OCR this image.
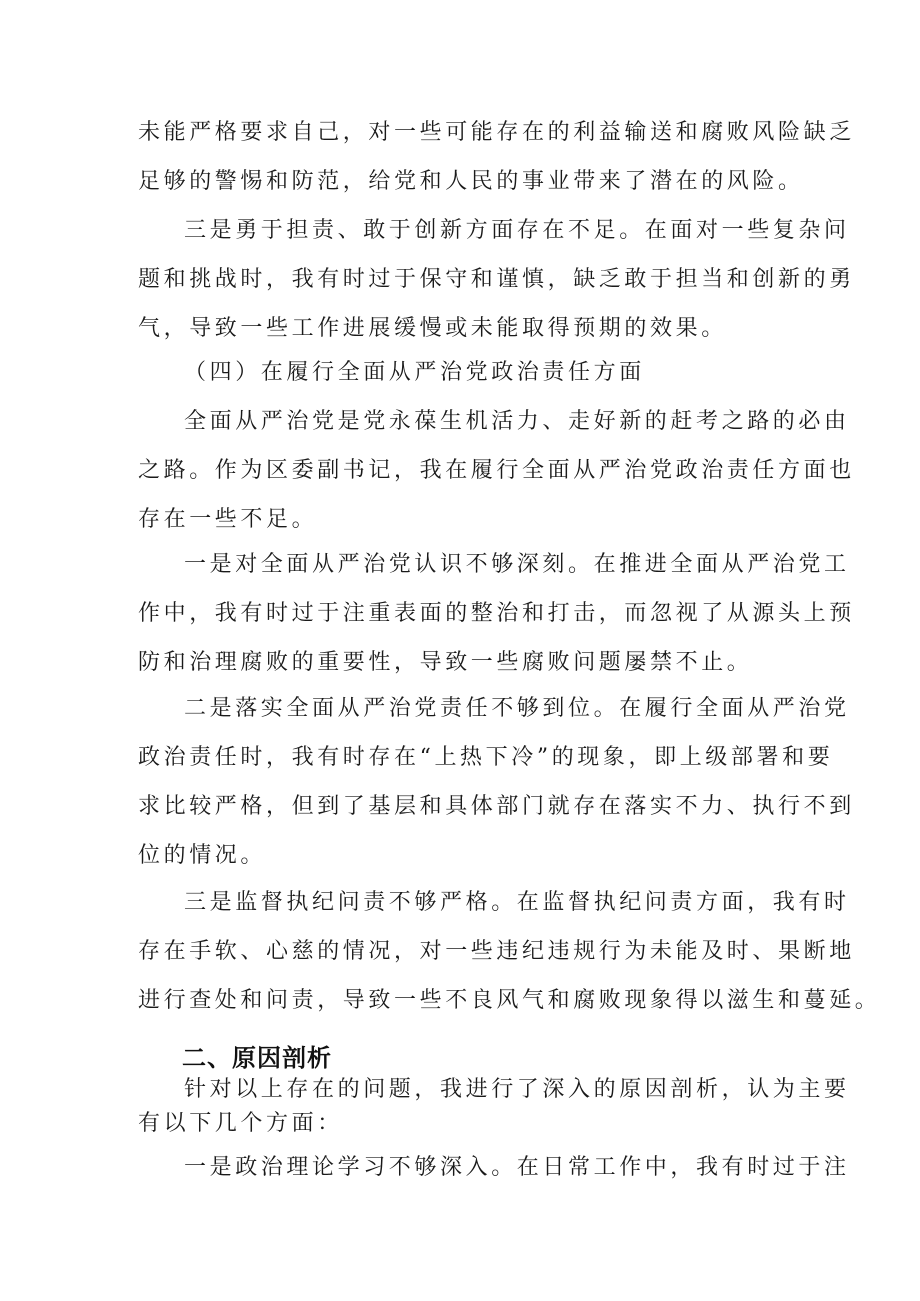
未能严格要求自己，对一些可能存在的利益输送和腐败风险缺乏
足够的警惕和防范，给党和人民的事业带来了潜在的风险。

三是勇于担责、敢于创新方面存在不足。在面对一些复杂问
题和挑战时，我有时过于保守和谨慎，缺乏敢于担当和创新的勇
气，导致一些工作进展缓慢或未能取得预期的效果。

（四）在履行全面从严治党政治责任方面

全面从严治党是党永葆生机活力、走好新的赶考之路的必由
之路。作为区委副书记，我在履行全面从严治党政治责任方面也
存在一些不足。

一是对全面从严治党认识不够深刻。在推进全面从严治党工
作中，我有时过于注重表面的整治和打击，而忽视了从源头上预
防和治理腐败的重要性，导致一些腐败问题屡禁不止。

二是落实全面从严治党责任不够到位。在履行全面从严治党
政治责任时，我有时存在“上热下冷”的现象，即上级部署和要
求比较严格，但到了基层和具体部门就存在落实不力、执行不到
位的情况。

三是监督执纪问责不够严格。在监督执纪问责方面，我有时
存在手软、心慈的情况，对一些违纪违规行为未能及时、果断地
进行查处和问责，导致一些不良风气和腐败现象得以滋生和蔓延。

二、原因剖析

针对以上存在的问题，我进行了深入的原因剖析，认为主要
有以下几个方面：

一是政治理论学习不够深入。在日常工作中，我有时过于注
